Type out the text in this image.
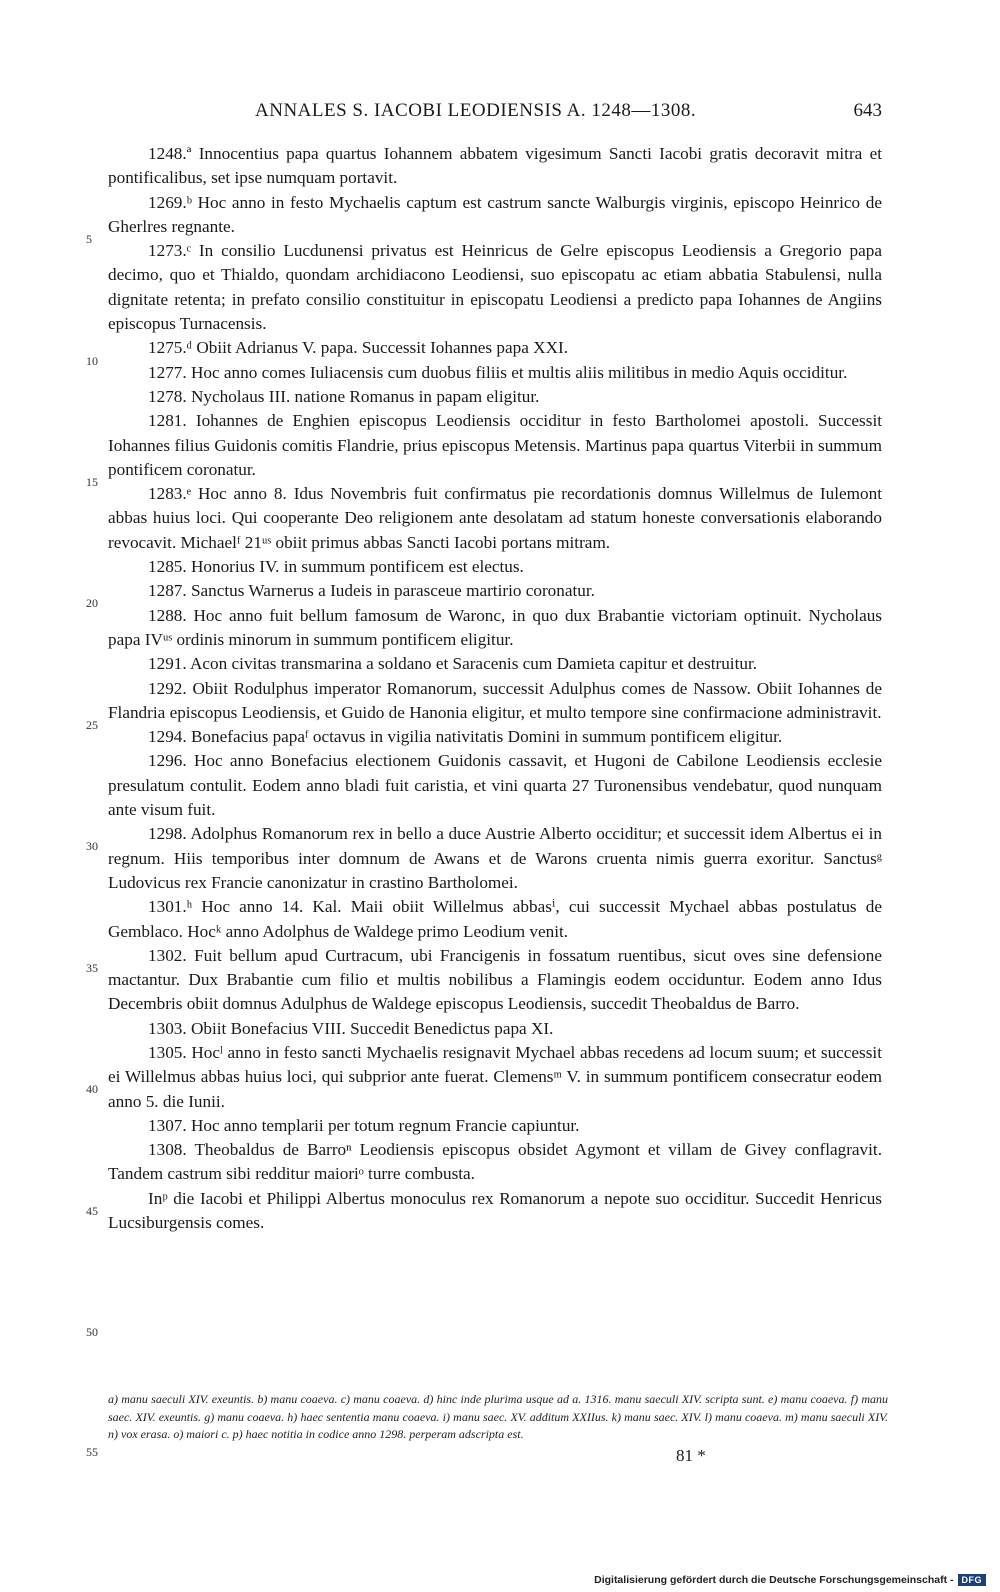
ANNALES S. IACOBI LEODIENSIS A. 1248—1308.	643
5
10
15
20
25
30
35
40
45
50
55

1248.ª Innocentius papa quartus Iohannem abbatem vigesimum Sancti Iacobi gratis decoravit mitra et pontificalibus, set ipse numquam portavit.

1269.ᵇ Hoc anno in festo Mychaelis captum est castrum sancte Walburgis virginis, episcopo Heinrico de Gherlres regnante.

1273.ᶜ In consilio Lucdunensi privatus est Heinricus de Gelre episcopus Leodiensis a Gregorio papa decimo, quo et Thialdo, quondam archidiacono Leodiensi, suo episcopatu ac etiam abbatia Stabulensi, nulla dignitate retenta; in prefato consilio constituitur in episcopatu Leodiensi a predicto papa Iohannes de Angiins episcopus Turnacensis.

1275.ᵈ Obiit Adrianus V. papa. Successit Iohannes papa XXI.

1277. Hoc anno comes Iuliacensis cum duobus filiis et multis aliis militibus in medio Aquis occiditur.

1278. Nycholaus III. natione Romanus in papam eligitur.

1281. Iohannes de Enghien episcopus Leodiensis occiditur in festo Bartholomei apostoli. Successit Iohannes filius Guidonis comitis Flandrie, prius episcopus Metensis. Martinus papa quartus Viterbii in summum pontificem coronatur.

1283.ᵉ Hoc anno 8. Idus Novembris fuit confirmatus pie recordationis domnus Willelmus de Iulemont abbas huius loci. Qui cooperante Deo religionem ante desolatam ad statum honeste conversationis elaborando revocavit. Michaelᶠ 21ᵘˢ obiit primus abbas Sancti Iacobi portans mitram.

1285. Honorius IV. in summum pontificem est electus.

1287. Sanctus Warnerus a Iudeis in parasceue martirio coronatur.

1288. Hoc anno fuit bellum famosum de Waronc, in quo dux Brabantie victoriam optinuit. Nycholaus papa IVᵘˢ ordinis minorum in summum pontificem eligitur.

1291. Acon civitas transmarina a soldano et Saracenis cum Damieta capitur et destruitur.

1292. Obiit Rodulphus imperator Romanorum, successit Adulphus comes de Nassow. Obiit Iohannes de Flandria episcopus Leodiensis, et Guido de Hanonia eligitur, et multo tempore sine confirmacione administravit.

1294. Bonefacius papaᶠ octavus in vigilia nativitatis Domini in summum pontificem eligitur.

1296. Hoc anno Bonefacius electionem Guidonis cassavit, et Hugoni de Cabilone Leodiensis ecclesie presulatum contulit. Eodem anno bladi fuit caristia, et vini quarta 27 Turonensibus vendebatur, quod nunquam ante visum fuit.

1298. Adolphus Romanorum rex in bello a duce Austrie Alberto occiditur; et successit idem Albertus ei in regnum. Hiis temporibus inter domnum de Awans et de Warons cruenta nimis guerra exoritur. Sanctusᵍ Ludovicus rex Francie canonizatur in crastino Bartholomei.

1301.ʰ Hoc anno 14. Kal. Maii obiit Willelmus abbasⁱ, cui successit Mychael abbas postulatus de Gemblaco. Hocᵏ anno Adolphus de Waldege primo Leodium venit.

1302. Fuit bellum apud Curtracum, ubi Francigenis in fossatum ruentibus, sicut oves sine defensione mactantur. Dux Brabantie cum filio et multis nobilibus a Flamingis eodem occiduntur. Eodem anno Idus Decembris obiit domnus Adulphus de Waldege episcopus Leodiensis, succedit Theobaldus de Barro.

1303. Obiit Bonefacius VIII. Succedit Benedictus papa XI.

1305. Hocˡ anno in festo sancti Mychaelis resignavit Mychael abbas recedens ad locum suum; et successit ei Willelmus abbas huius loci, qui subprior ante fuerat. Clemensᵐ V. in summum pontificem consecratur eodem anno 5. die Iunii.

1307. Hoc anno templarii per totum regnum Francie capiuntur.

1308. Theobaldus de Barroⁿ Leodiensis episcopus obsidet Agymont et villam de Givey conflagravit. Tandem castrum sibi redditur maioriᵒ turre combusta.

Inᵖ die Iacobi et Philippi Albertus monoculus rex Romanorum a nepote suo occiditur. Succedit Henricus Lucsiburgensis comes.

a) manu saeculi XIV. exeuntis. b) manu coaeva. c) manu coaeva. d) hinc inde plurima usque ad a. 1316. manu saeculi XIV. scripta sunt. e) manu coaeva. f) manu saec. XIV. exeuntis. g) manu coaeva. h) haec sententia manu coaeva. i) manu saec. XV. additum XXIIus. k) manu saec. XIV. l) manu coaeva. m) manu saeculi XIV. n) vox erasa. o) maiori c. p) haec notitia in codice anno 1298. perperam adscripta est.
81 *
Digitalisierung gefördert durch die Deutsche Forschungsgemeinschaft - DFG
